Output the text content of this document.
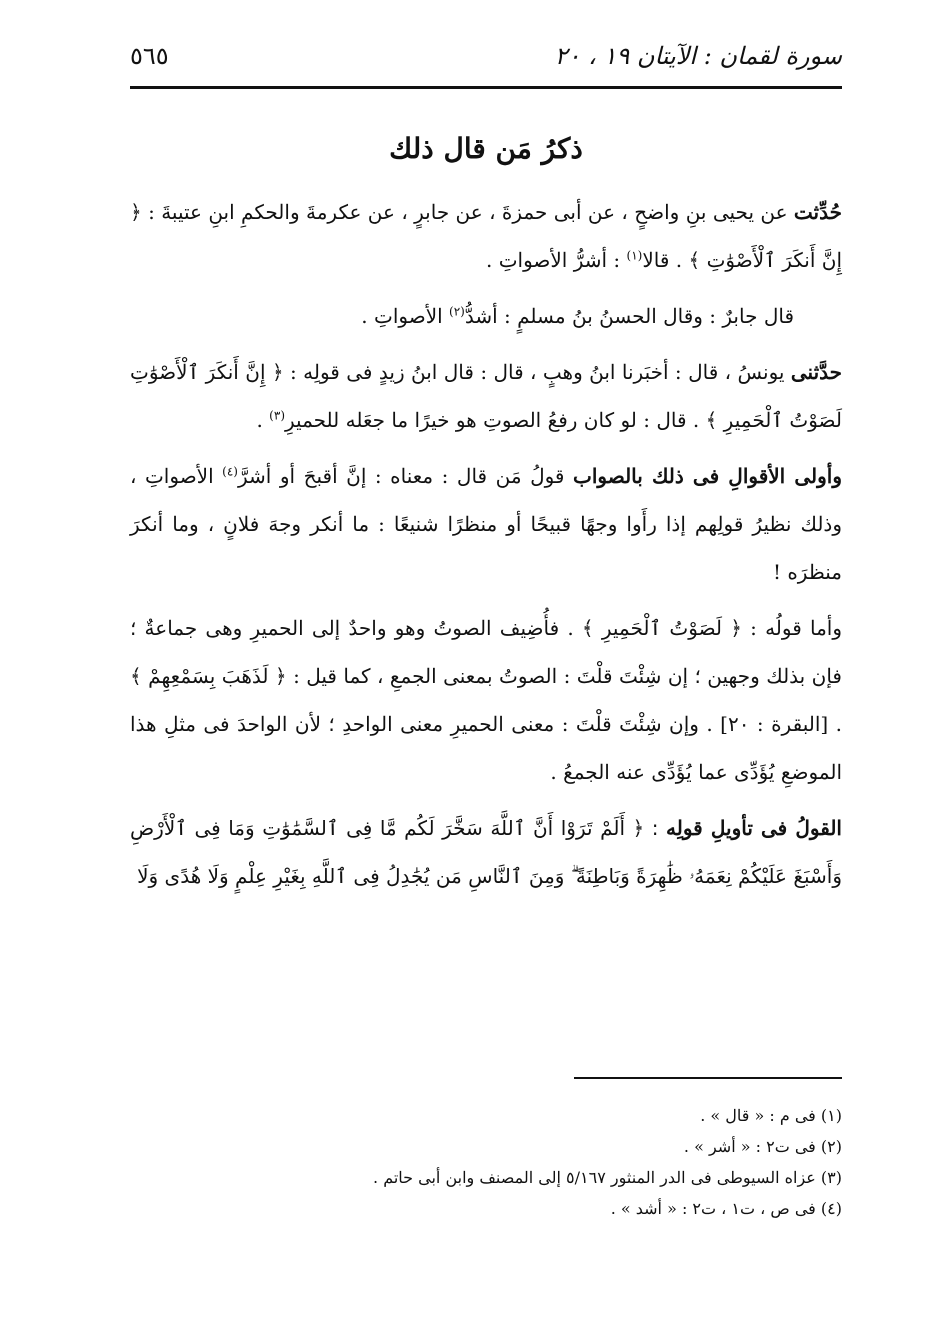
سورة لقمان : الآيتان ١٩ ، ٢٠
٥٦٥
ذكرُ مَن قال ذلك

حُدِّثت عن يحيى بنِ واضحٍ ، عن أبى حمزةَ ، عن جابرٍ ، عن عكرمةَ والحكمِ ابنِ عتيبةَ : ﴿ إِنَّ أَنكَرَ ٱلْأَصْوَٰتِ ﴾ . قالا$^{(١)}$ : أشرُّ الأصواتِ .

قال جابرٌ : وقال الحسنُ بنُ مسلمٍ : أشدُّ$^{(٢)}$ الأصواتِ .

حدَّثنى يونسُ ، قال : أخبَرنا ابنُ وهبٍ ، قال : قال ابنُ زيدٍ فى قولِه : ﴿ إِنَّ أَنكَرَ ٱلْأَصْوَٰتِ لَصَوْتُ ٱلْحَمِيرِ ﴾ . قال : لو كان رفعُ الصوتِ هو خيرًا ما جعَله للحميرِ$^{(٣)}$ .

وأولى الأقوالِ فى ذلك بالصواب قولُ مَن قال : معناه : إنَّ أقبحَ أو أشرَّ$^{(٤)}$ الأصواتِ ، وذلك نظيرُ قولِهم إذا رأَوا وجهًا قبيحًا أو منظرًا شنيعًا : ما أنكر وجهَ فلانٍ ، وما أنكرَ منظرَه !

وأما قولُه : ﴿ لَصَوْتُ ٱلْحَمِيرِ ﴾ . فأُضِيف الصوتُ وهو واحدٌ إلى الحميرِ وهى جماعةٌ ؛ فإن بذلك وجهين ؛ إن شِئْتَ قلْتَ : الصوتُ بمعنى الجمعِ ، كما قيل : ﴿ لَذَهَبَ بِسَمْعِهِمْ ﴾ . [البقرة : ٢٠] . وإن شِئْتَ قلْتَ : معنى الحميرِ معنى الواحدِ ؛ لأن الواحدَ فى مثلِ هذا الموضعِ يُؤَدِّى عما يُؤَدِّى عنه الجمعُ .

القولُ فى تأويلِ قولِه : ﴿ أَلَمْ تَرَوْا أَنَّ ٱللَّهَ سَخَّرَ لَكُم مَّا فِى ٱلسَّمَٰوَٰتِ وَمَا فِى ٱلْأَرْضِ وَأَسْبَغَ عَلَيْكُمْ نِعَمَهُۥ ظَٰهِرَةً وَبَاطِنَةً ۗ وَمِنَ ٱلنَّاسِ مَن يُجَٰدِلُ فِى ٱللَّهِ بِغَيْرِ عِلْمٍ وَلَا هُدًى وَلَا

(١) فى م : « قال » .

(٢) فى ت٢ : « أشر » .

(٣) عزاه السيوطى فى الدر المنثور ٥/١٦٧ إلى المصنف وابن أبى حاتم .

(٤) فى ص ، ت١ ، ت٢ : « أشد » .
